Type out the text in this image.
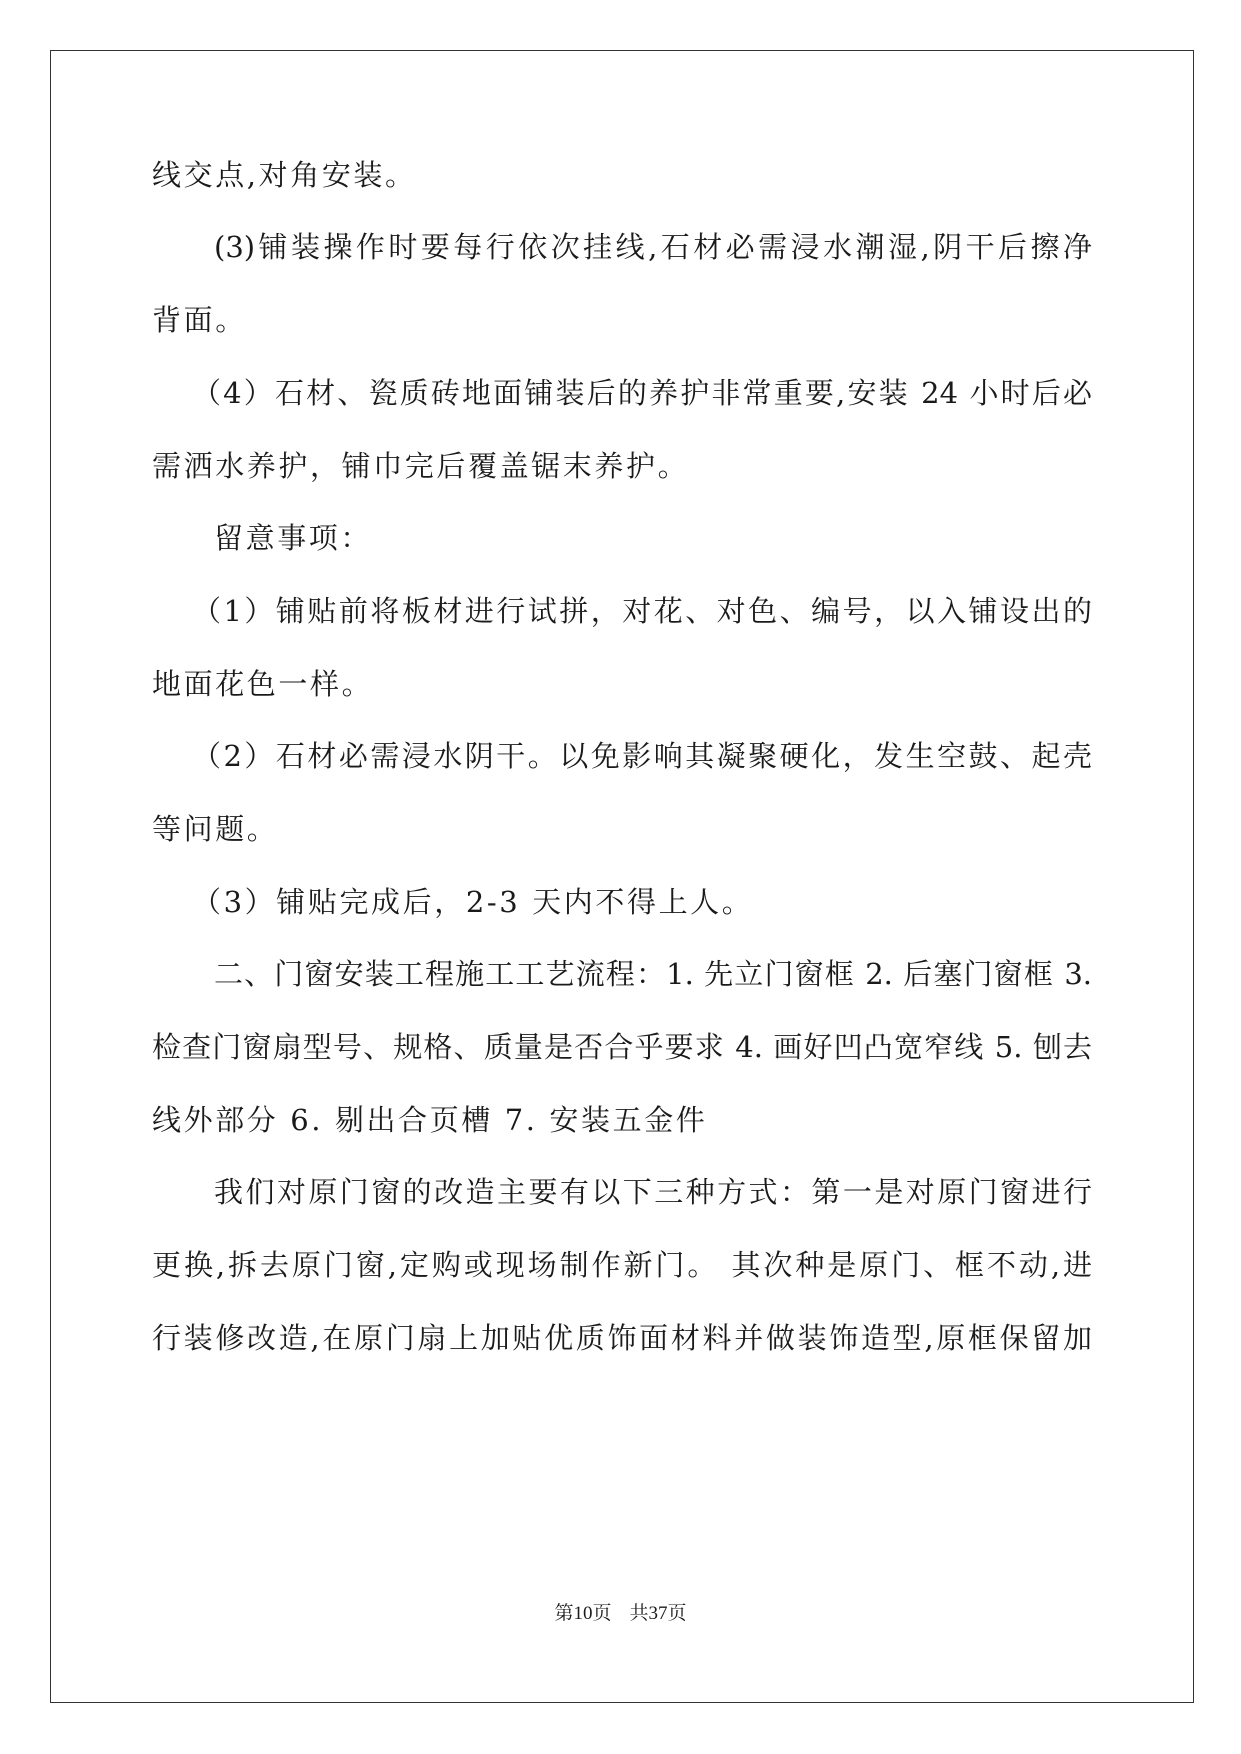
线交点,对角安装。
(3)铺装操作时要每行依次挂线,石材必需浸水潮湿,阴干后擦净
背面。
（4）石材、瓷质砖地面铺装后的养护非常重要,安装 24 小时后必
需洒水养护，铺巾完后覆盖锯末养护。
留意事项：
（1）铺贴前将板材进行试拼，对花、对色、编号，以入铺设出的
地面花色一样。
（2）石材必需浸水阴干。以免影响其凝聚硬化，发生空鼓、起壳
等问题。
（3）铺贴完成后，2-3 天内不得上人。
二、门窗安装工程施工工艺流程：1. 先立门窗框 2. 后塞门窗框 3.
检查门窗扇型号、规格、质量是否合乎要求 4. 画好凹凸宽窄线 5. 刨去
线外部分 6. 剔出合页槽 7. 安装五金件
我们对原门窗的改造主要有以下三种方式：第一是对原门窗进行
更换,拆去原门窗,定购或现场制作新门。 其次种是原门、框不动,进
行装修改造,在原门扇上加贴优质饰面材料并做装饰造型,原框保留加
第10页 共37页
